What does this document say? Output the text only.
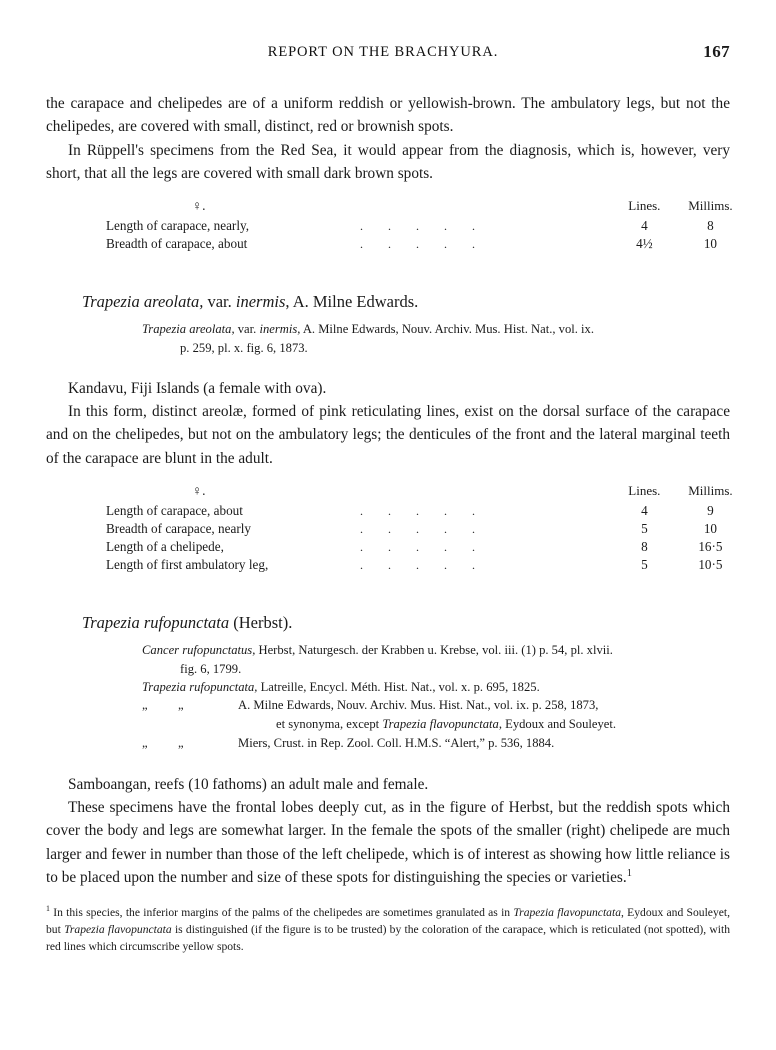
REPORT ON THE BRACHYURA.	167

the carapace and chelipedes are of a uniform reddish or yellowish-brown. The ambulatory legs, but not the chelipedes, are covered with small, distinct, red or brownish spots.

In Rüppell's specimens from the Red Sea, it would appear from the diagnosis, which is, however, very short, that all the legs are covered with small dark brown spots.

♀.		Lines.	Millims.
Length of carapace, nearly,	. . . . .	4	8
Breadth of carapace, about	. . . . .	4½	10
Trapezia areolata, var. inermis, A. Milne Edwards.

Trapezia areolata, var. inermis, A. Milne Edwards, Nouv. Archiv. Mus. Hist. Nat., vol. ix.

p. 259, pl. x. fig. 6, 1873.

Kandavu, Fiji Islands (a female with ova).

In this form, distinct areolæ, formed of pink reticulating lines, exist on the dorsal surface of the carapace and on the chelipedes, but not on the ambulatory legs; the denticules of the front and the lateral marginal teeth of the carapace are blunt in the adult.

♀.		Lines.	Millims.
Length of carapace, about	. . . . .	4	9
Breadth of carapace, nearly	. . . . .	5	10
Length of a chelipede,	. . . . .	8	16·5
Length of first ambulatory leg,	. . . . .	5	10·5
Trapezia rufopunctata (Herbst).

Cancer rufopunctatus, Herbst, Naturgesch. der Krabben u. Krebse, vol. iii. (1) p. 54, pl. xlvii.

fig. 6, 1799.

Trapezia rufopunctata, Latreille, Encycl. Méth. Hist. Nat., vol. x. p. 695, 1825.

„ „	A. Milne Edwards, Nouv. Archiv. Mus. Hist. Nat., vol. ix. p. 258, 1873,
et synonyma, except Trapezia flavopunctata, Eydoux and Souleyet.
„ „	Miers, Crust. in Rep. Zool. Coll. H.M.S. “Alert,” p. 536, 1884.

Samboangan, reefs (10 fathoms) an adult male and female.

These specimens have the frontal lobes deeply cut, as in the figure of Herbst, but the reddish spots which cover the body and legs are somewhat larger. In the female the spots of the smaller (right) chelipede are much larger and fewer in number than those of the left chelipede, which is of interest as showing how little reliance is to be placed upon the number and size of these spots for distinguishing the species or varieties.$^1$

$^1$ In this species, the inferior margins of the palms of the chelipedes are sometimes granulated as in Trapezia flavopunctata, Eydoux and Souleyet, but Trapezia flavopunctata is distinguished (if the figure is to be trusted) by the coloration of the carapace, which is reticulated (not spotted), with red lines which circumscribe yellow spots.
